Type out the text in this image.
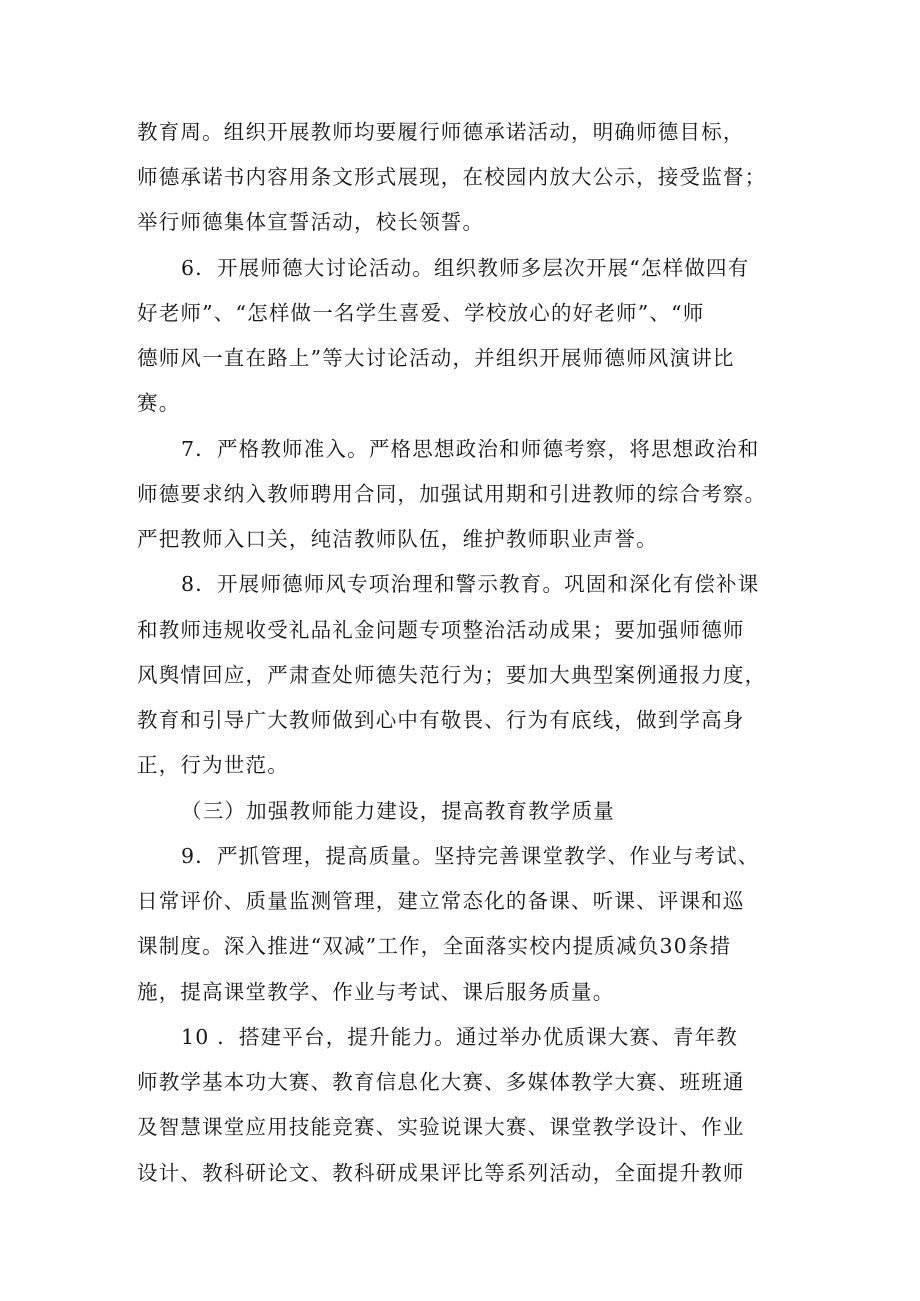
教育周。组织开展教师均要履行师德承诺活动，明确师德目标，
师德承诺书内容用条文形式展现，在校园内放大公示，接受监督；
举行师德集体宣誓活动，校长领誓。
6．开展师德大讨论活动。组织教师多层次开展“怎样做四有
好老师”、“怎样做一名学生喜爱、学校放心的好老师”、“师
德师风一直在路上”等大讨论活动，并组织开展师德师风演讲比
赛。
7．严格教师准入。严格思想政治和师德考察，将思想政治和
师德要求纳入教师聘用合同，加强试用期和引进教师的综合考察。
严把教师入口关，纯洁教师队伍，维护教师职业声誉。
8．开展师德师风专项治理和警示教育。巩固和深化有偿补课
和教师违规收受礼品礼金问题专项整治活动成果；要加强师德师
风舆情回应，严肃查处师德失范行为；要加大典型案例通报力度，
教育和引导广大教师做到心中有敬畏、行为有底线，做到学高身
正，行为世范。
（三）加强教师能力建设，提高教育教学质量
9．严抓管理，提高质量。坚持完善课堂教学、作业与考试、
日常评价、质量监测管理，建立常态化的备课、听课、评课和巡
课制度。深入推进“双减”工作，全面落实校内提质减负30条措
施，提高课堂教学、作业与考试、课后服务质量。
10 ．搭建平台，提升能力。通过举办优质课大赛、青年教
师教学基本功大赛、教育信息化大赛、多媒体教学大赛、班班通
及智慧课堂应用技能竞赛、实验说课大赛、课堂教学设计、作业
设计、教科研论文、教科研成果评比等系列活动，全面提升教师
